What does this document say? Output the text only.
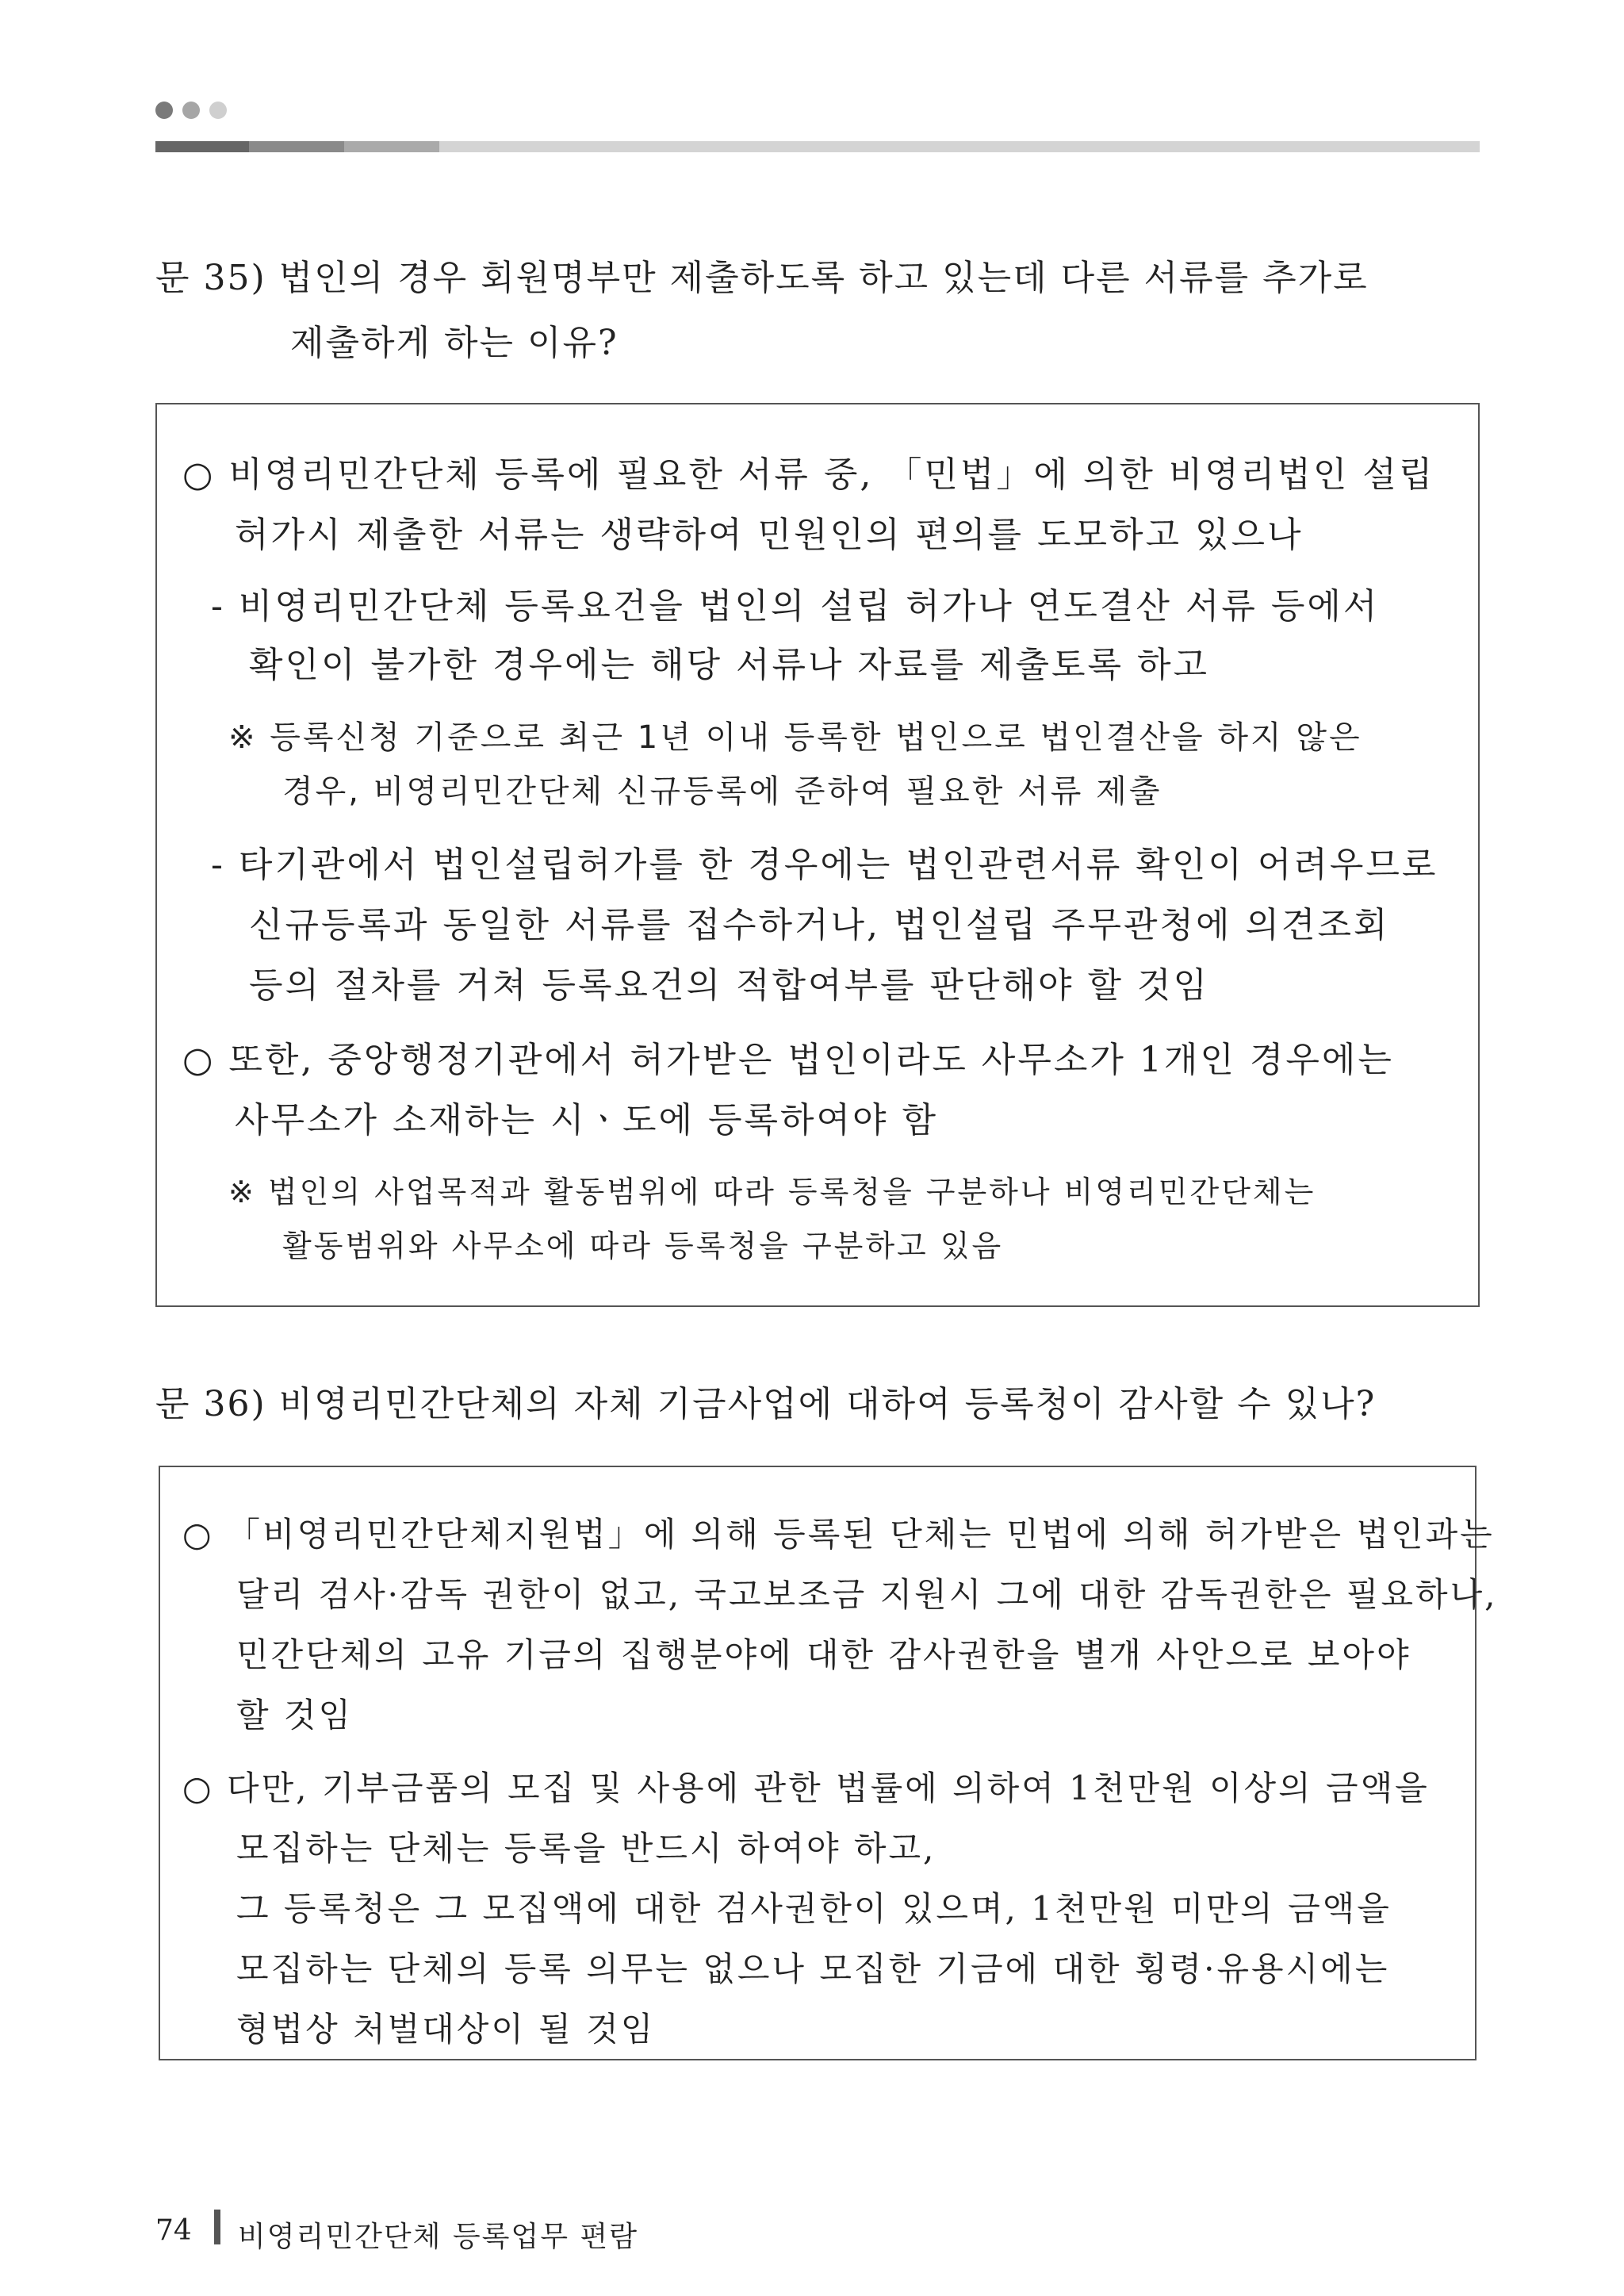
문 35) 법인의 경우 회원명부만 제출하도록 하고 있는데 다른 서류를 추가로
제출하게 하는 이유?
○ 비영리민간단체 등록에 필요한 서류 중, 「민법」에 의한 비영리법인 설립
허가시 제출한 서류는 생략하여 민원인의 편의를 도모하고 있으나
- 비영리민간단체 등록요건을 법인의 설립 허가나 연도결산 서류 등에서
확인이 불가한 경우에는 해당 서류나 자료를 제출토록 하고
※ 등록신청 기준으로 최근 1년 이내 등록한 법인으로 법인결산을 하지 않은
경우, 비영리민간단체 신규등록에 준하여 필요한 서류 제출
- 타기관에서 법인설립허가를 한 경우에는 법인관련서류 확인이 어려우므로
신규등록과 동일한 서류를 접수하거나, 법인설립 주무관청에 의견조회
등의 절차를 거쳐 등록요건의 적합여부를 판단해야 할 것임
○ 또한, 중앙행정기관에서 허가받은 법인이라도 사무소가 1개인 경우에는
사무소가 소재하는 시ㆍ도에 등록하여야 함
※ 법인의 사업목적과 활동범위에 따라 등록청을 구분하나 비영리민간단체는
활동범위와 사무소에 따라 등록청을 구분하고 있음
문 36) 비영리민간단체의 자체 기금사업에 대하여 등록청이 감사할 수 있나?
○ 「비영리민간단체지원법」에 의해 등록된 단체는 민법에 의해 허가받은 법인과는
달리 검사·감독 권한이 없고, 국고보조금 지원시 그에 대한 감독권한은 필요하나,
민간단체의 고유 기금의 집행분야에 대한 감사권한을 별개 사안으로 보아야
할 것임
○ 다만, 기부금품의 모집 및 사용에 관한 법률에 의하여 1천만원 이상의 금액을
모집하는 단체는 등록을 반드시 하여야 하고,
그 등록청은 그 모집액에 대한 검사권한이 있으며, 1천만원 미만의 금액을
모집하는 단체의 등록 의무는 없으나 모집한 기금에 대한 횡령·유용시에는
형법상 처벌대상이 될 것임
74 비영리민간단체 등록업무 편람
